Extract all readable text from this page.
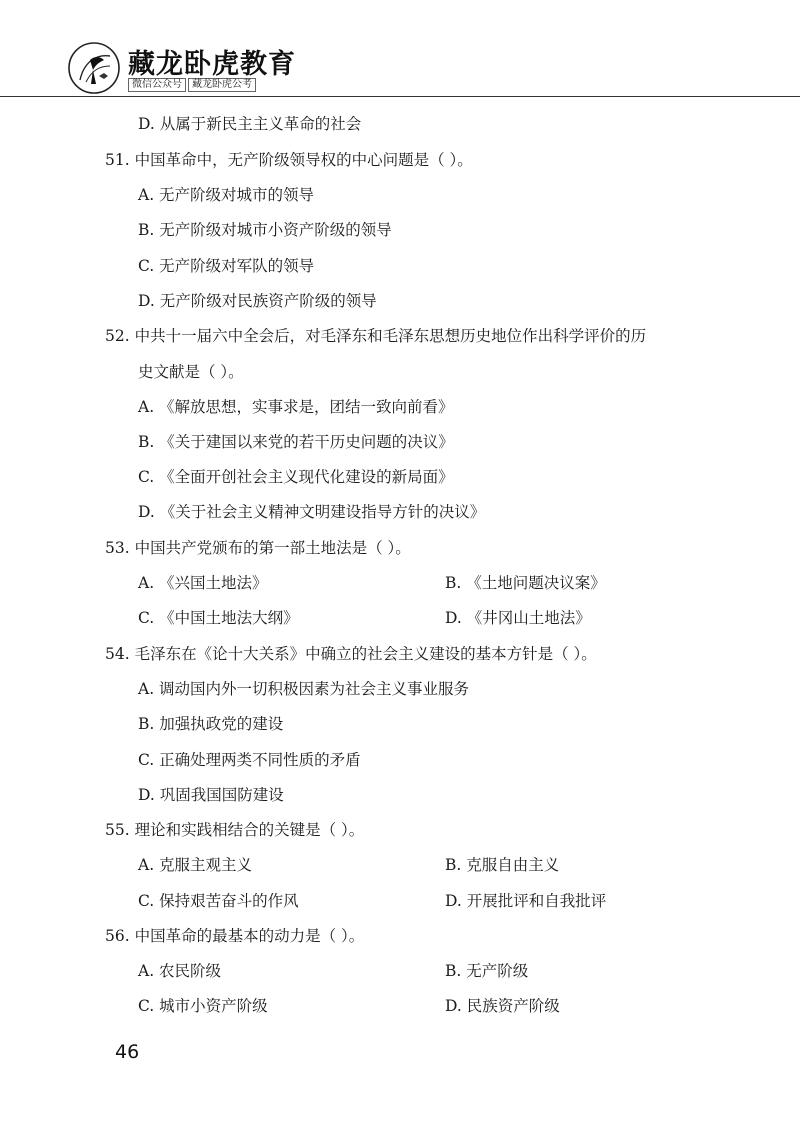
藏龙卧虎教育
微信公众号 藏龙卧虎公考
D. 从属于新民主主义革命的社会
51. 中国革命中，无产阶级领导权的中心问题是（ ）。
A. 无产阶级对城市的领导
B. 无产阶级对城市小资产阶级的领导
C. 无产阶级对军队的领导
D. 无产阶级对民族资产阶级的领导
52. 中共十一届六中全会后，对毛泽东和毛泽东思想历史地位作出科学评价的历
史文献是（ ）。
A. 《解放思想，实事求是，团结一致向前看》
B. 《关于建国以来党的若干历史问题的决议》
C. 《全面开创社会主义现代化建设的新局面》
D. 《关于社会主义精神文明建设指导方针的决议》
53. 中国共产党颁布的第一部土地法是（ ）。
A. 《兴国土地法》	B. 《土地问题决议案》
C. 《中国土地法大纲》	D. 《井冈山土地法》
54. 毛泽东在《论十大关系》中确立的社会主义建设的基本方针是（ ）。
A. 调动国内外一切积极因素为社会主义事业服务
B. 加强执政党的建设
C. 正确处理两类不同性质的矛盾
D. 巩固我国国防建设
55. 理论和实践相结合的关键是（ ）。
A. 克服主观主义	B. 克服自由主义
C. 保持艰苦奋斗的作风	D. 开展批评和自我批评
56. 中国革命的最基本的动力是（ ）。
A. 农民阶级	B. 无产阶级
C. 城市小资产阶级	D. 民族资产阶级
46
